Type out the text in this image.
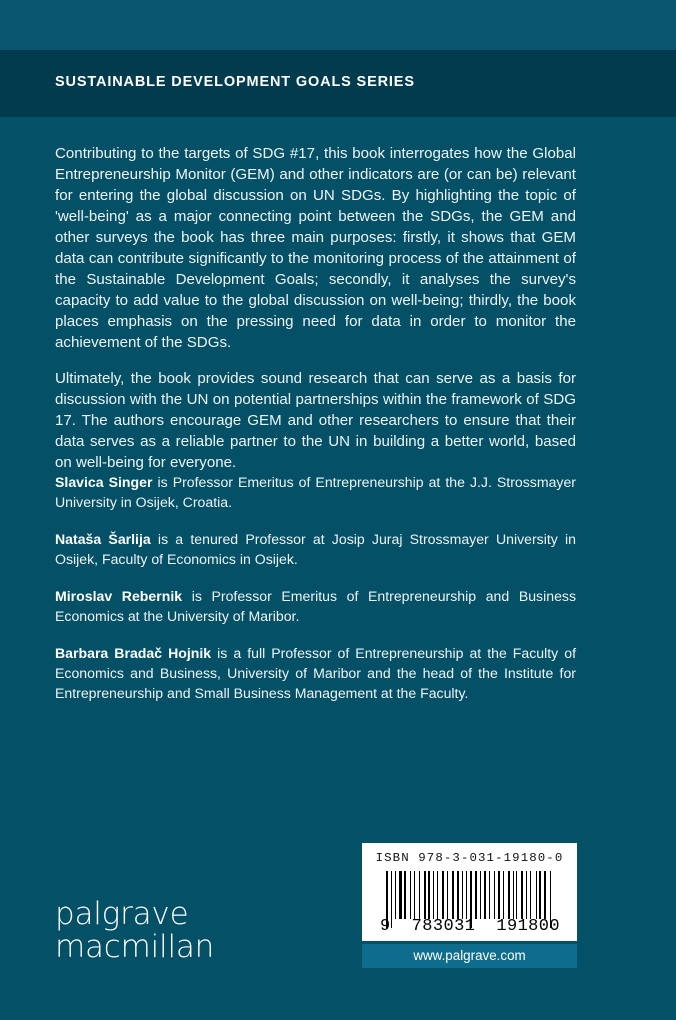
SUSTAINABLE DEVELOPMENT GOALS SERIES

Contributing to the targets of SDG #17, this book interrogates how the Global Entrepreneurship Monitor (GEM) and other indicators are (or can be) relevant for entering the global discussion on UN SDGs. By highlighting the topic of 'well-being' as a major connecting point between the SDGs, the GEM and other surveys the book has three main purposes: firstly, it shows that GEM data can contribute significantly to the monitoring process of the attainment of the Sustainable Development Goals; secondly, it analyses the survey's capacity to add value to the global discussion on well-being; thirdly, the book places emphasis on the pressing need for data in order to monitor the achievement of the SDGs.

Ultimately, the book provides sound research that can serve as a basis for discussion with the UN on potential partnerships within the framework of SDG 17. The authors encourage GEM and other researchers to ensure that their data serves as a reliable partner to the UN in building a better world, based on well-being for everyone.

Slavica Singer is Professor Emeritus of Entrepreneurship at the J.J. Strossmayer University in Osijek, Croatia.

Nataša Šarlija is a tenured Professor at Josip Juraj Strossmayer University in Osijek, Faculty of Economics in Osijek.

Miroslav Rebernik is Professor Emeritus of Entrepreneurship and Business Economics at the University of Maribor.

Barbara Bradač Hojnik is a full Professor of Entrepreneurship at the Faculty of Economics and Business, University of Maribor and the head of the Institute for Entrepreneurship and Small Business Management at the Faculty.

palgrave
macmillan
ISBN 978-3-031-19180-0
9 783031 191800
www.palgrave.com
